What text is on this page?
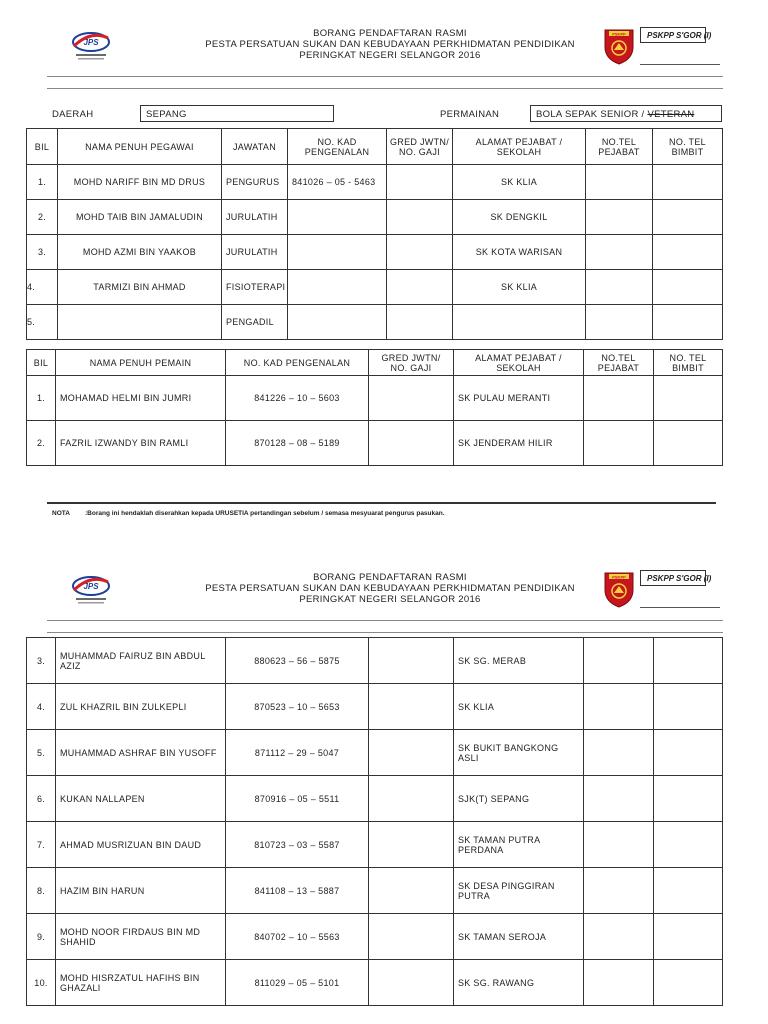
JPS
BORANG PENDAFTARAN RASMI
PESTA PERSATUAN SUKAN DAN KEBUDAYAAN PERKHIDMATAN PENDIDIKAN
PERINGKAT NEGERI SELANGOR 2016
PSKPP	PSKPP S'GOR (I)
DAERAH	SEPANG	PERMAINAN	BOLA SEPAK SENIOR / VETERAN
BIL	NAMA PENUH PEGAWAI	JAWATAN	NO. KAD PENGENALAN	GRED JWTN/ NO. GAJI	ALAMAT PEJABAT / SEKOLAH	NO.TEL PEJABAT	NO. TEL BIMBIT
1.	MOHD NARIFF BIN MD DRUS	PENGURUS	841026 – 05 - 5463		SK KLIA		
2.	MOHD TAIB BIN JAMALUDIN	JURULATIH			SK DENGKIL		
3.	MOHD AZMI BIN YAAKOB	JURULATIH			SK KOTA WARISAN		
4.	TARMIZI BIN AHMAD	FISIOTERAPI			SK KLIA		
5.		PENGADIL					
BIL	NAMA PENUH PEMAIN	NO. KAD PENGENALAN	GRED JWTN/ NO. GAJI	ALAMAT PEJABAT / SEKOLAH	NO.TEL PEJABAT	NO. TEL BIMBIT
1.	MOHAMAD HELMI BIN JUMRI	841226 – 10 – 5603		SK PULAU MERANTI		
2.	FAZRIL IZWANDY BIN RAMLI	870128 – 08 – 5189		SK JENDERAM HILIR		
NOTA :Borang ini hendaklah diserahkan kepada URUSETIA pertandingan sebelum / semasa mesyuarat pengurus pasukan.
JPS
BORANG PENDAFTARAN RASMI
PESTA PERSATUAN SUKAN DAN KEBUDAYAAN PERKHIDMATAN PENDIDIKAN
PERINGKAT NEGERI SELANGOR 2016
PSKPP	PSKPP S'GOR (I)
3.	MUHAMMAD FAIRUZ BIN ABDUL AZIZ	880623 – 56 – 5875		SK SG. MERAB		
4.	ZUL KHAZRIL BIN ZULKEPLI	870523 – 10 – 5653		SK KLIA		
5.	MUHAMMAD ASHRAF BIN YUSOFF	871112 – 29 – 5047		SK BUKIT BANGKONG ASLI		
6.	KUKAN NALLAPEN	870916 – 05 – 5511		SJK(T) SEPANG		
7.	AHMAD MUSRIZUAN BIN DAUD	810723 – 03 – 5587		SK TAMAN PUTRA PERDANA		
8.	HAZIM BIN HARUN	841108 – 13 – 5887		SK DESA PINGGIRAN PUTRA		
9.	MOHD NOOR FIRDAUS BIN MD SHAHID	840702 – 10 – 5563		SK TAMAN SEROJA		
10.	MOHD HISRZATUL HAFIHS BIN GHAZALI	811029 – 05 – 5101		SK SG. RAWANG		
